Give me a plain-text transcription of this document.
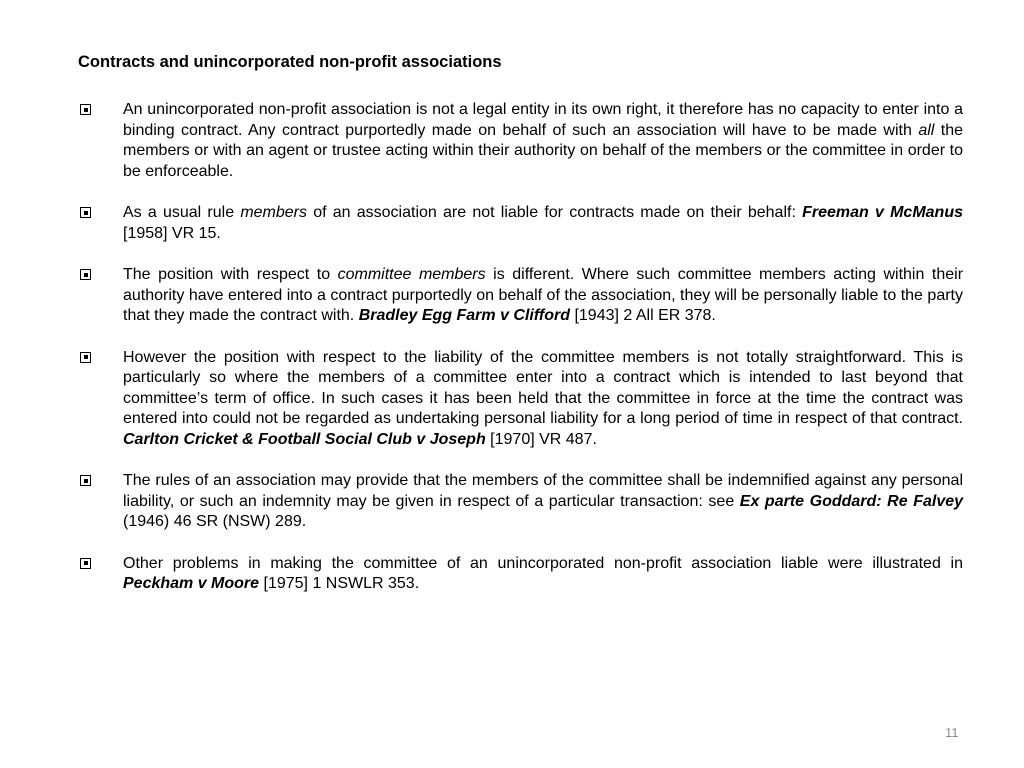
Contracts and unincorporated non-profit associations

An unincorporated non-profit association is not a legal entity in its own right, it therefore has no capacity to enter into a binding contract. Any contract purportedly made on behalf of such an association will have to be made with all the members or with an agent or trustee acting within their authority on behalf of the members or the committee in order to be enforceable.

As a usual rule members of an association are not liable for contracts made on their behalf: Freeman v McManus [1958] VR 15.

The position with respect to committee members is different. Where such committee members acting within their authority have entered into a contract purportedly on behalf of the association, they will be personally liable to the party that they made the contract with. Bradley Egg Farm v Clifford [1943] 2 All ER 378.

However the position with respect to the liability of the committee members is not totally straightforward. This is particularly so where the members of a committee enter into a contract which is intended to last beyond that committee’s term of office. In such cases it has been held that the committee in force at the time the contract was entered into could not be regarded as undertaking personal liability for a long period of time in respect of that contract. Carlton Cricket & Football Social Club v Joseph [1970] VR 487.

The rules of an association may provide that the members of the committee shall be indemnified against any personal liability, or such an indemnity may be given in respect of a particular transaction: see Ex parte Goddard: Re Falvey (1946) 46 SR (NSW) 289.

Other problems in making the committee of an unincorporated non-profit association liable were illustrated in Peckham v Moore [1975] 1 NSWLR 353.

11
